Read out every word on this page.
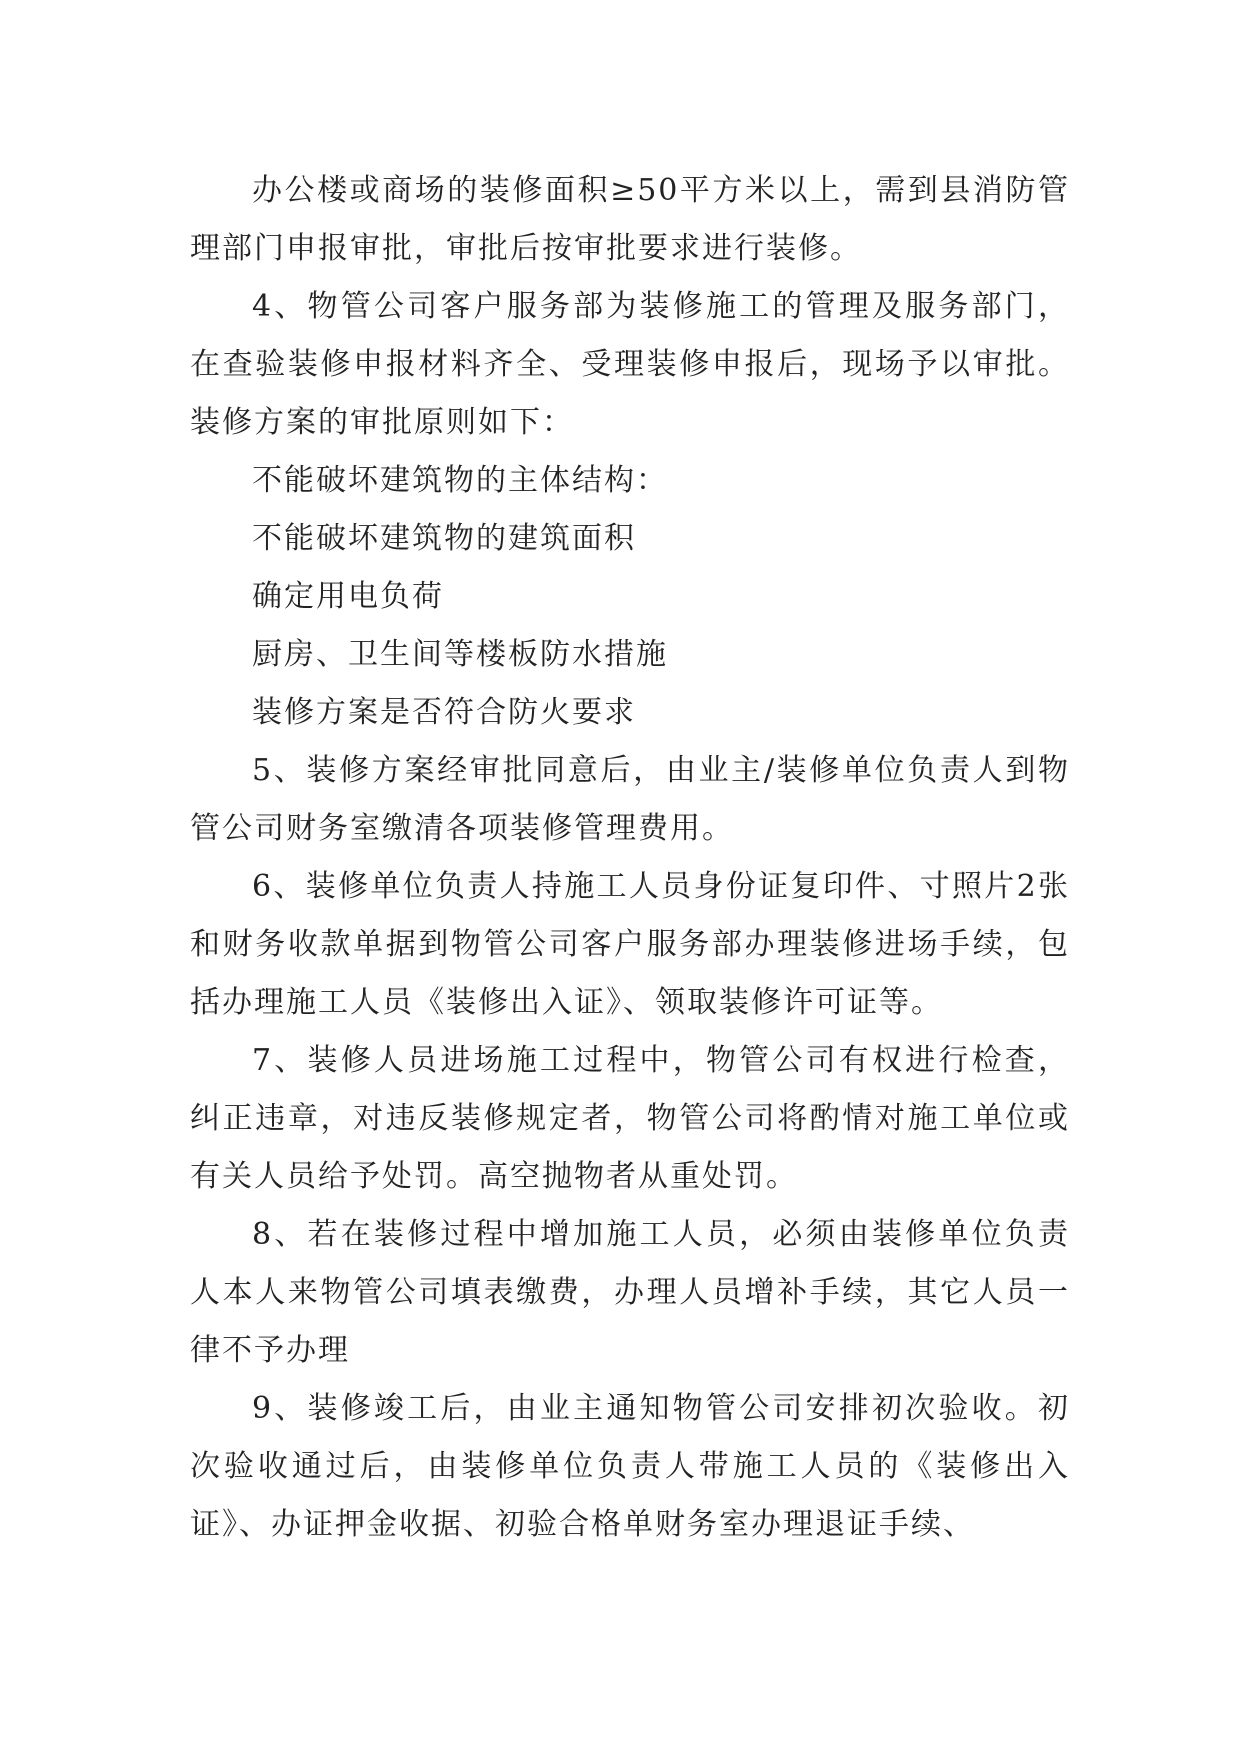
办公楼或商场的装修面积≥50平方米以上，需到县消防管理部门申报审批，审批后按审批要求进行装修。

4、物管公司客户服务部为装修施工的管理及服务部门，在查验装修申报材料齐全、受理装修申报后，现场予以审批。装修方案的审批原则如下：

不能破坏建筑物的主体结构：

不能破坏建筑物的建筑面积

确定用电负荷

厨房、卫生间等楼板防水措施

装修方案是否符合防火要求

5、装修方案经审批同意后，由业主/装修单位负责人到物管公司财务室缴清各项装修管理费用。

6、装修单位负责人持施工人员身份证复印件、寸照片2张和财务收款单据到物管公司客户服务部办理装修进场手续，包括办理施工人员《装修出入证》、领取装修许可证等。

7、装修人员进场施工过程中，物管公司有权进行检查，纠正违章，对违反装修规定者，物管公司将酌情对施工单位或有关人员给予处罚。高空抛物者从重处罚。

8、若在装修过程中增加施工人员，必须由装修单位负责人本人来物管公司填表缴费，办理人员增补手续，其它人员一律不予办理

9、装修竣工后，由业主通知物管公司安排初次验收。初次验收通过后，由装修单位负责人带施工人员的《装修出入证》、办证押金收据、初验合格单财务室办理退证手续、
